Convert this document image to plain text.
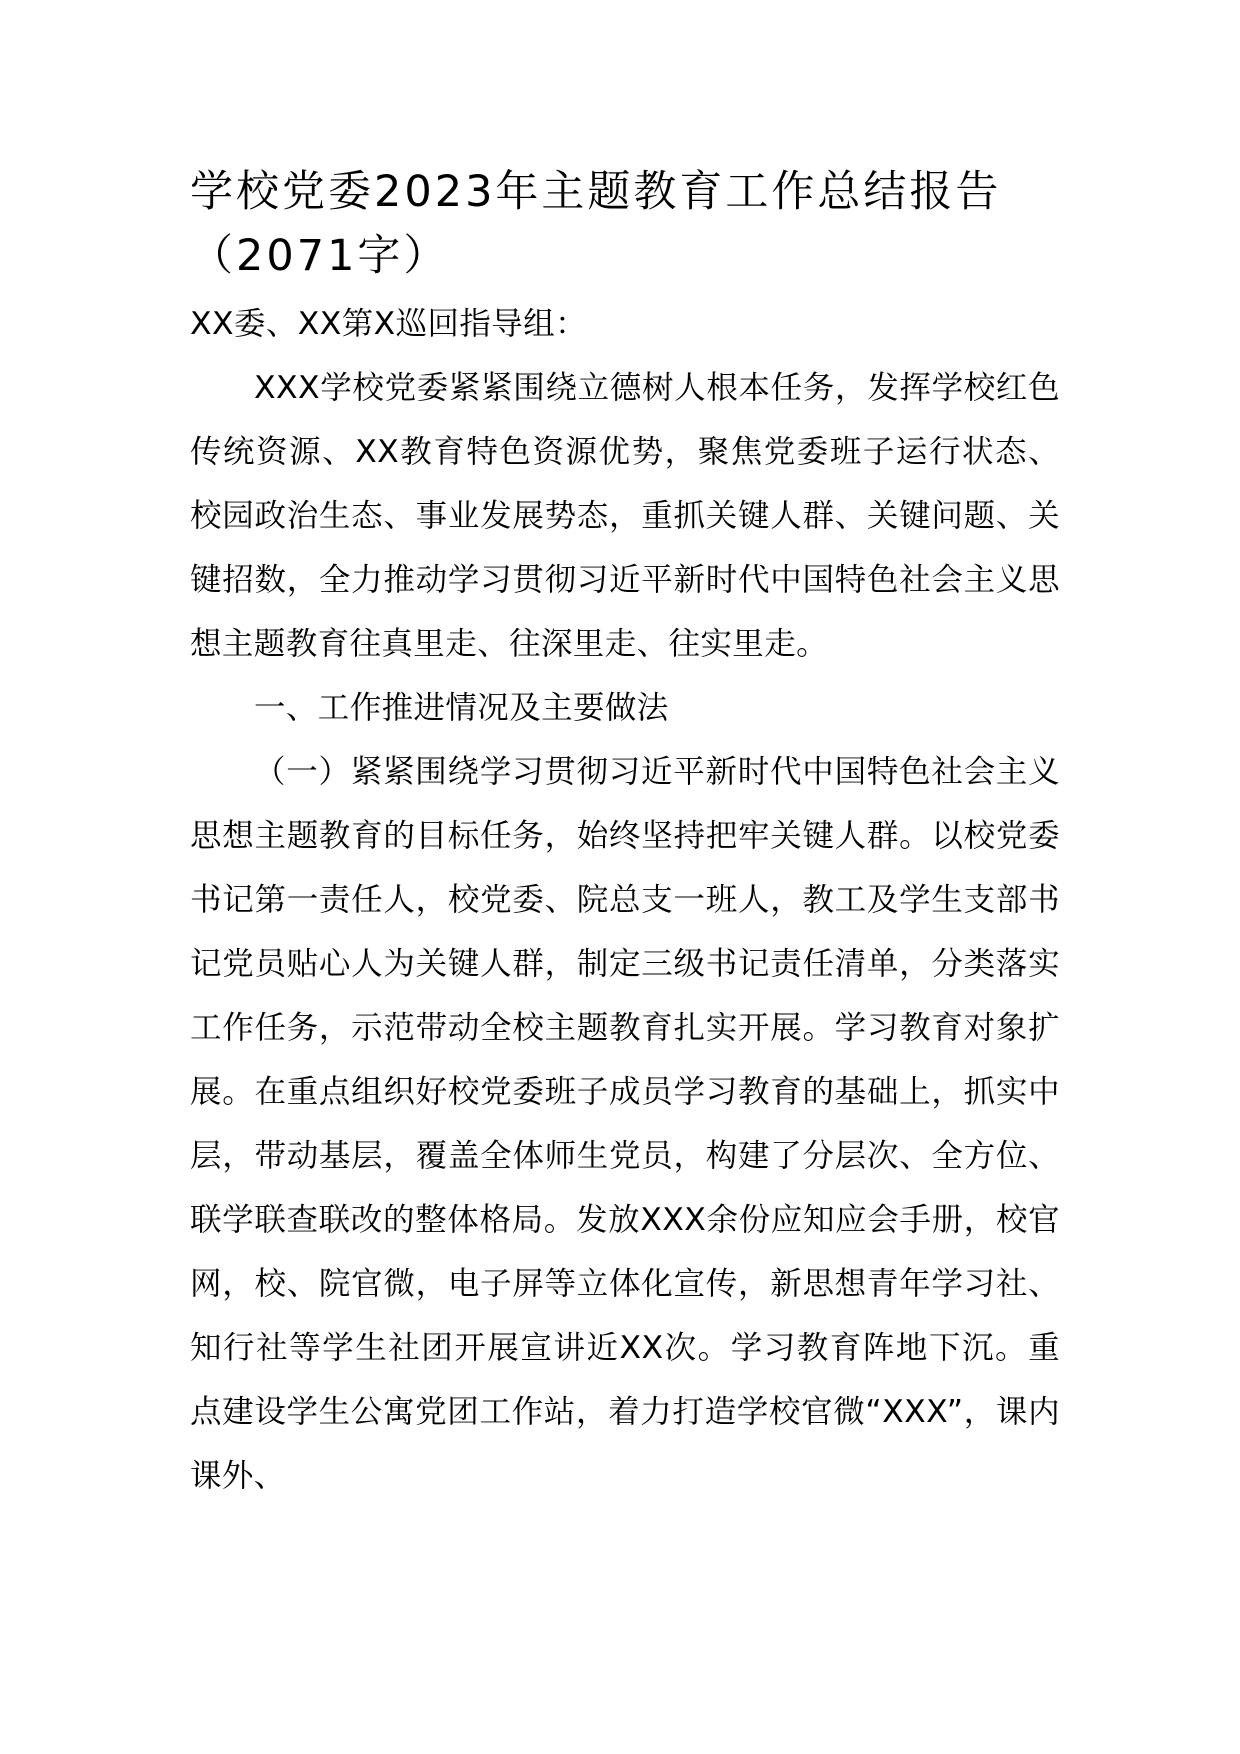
学校党委2023年主题教育工作总结报告
（2071字）

XX委、XX第X巡回指导组：

XXX学校党委紧紧围绕立德树人根本任务，发挥学校红色传统资源、XX教育特色资源优势，聚焦党委班子运行状态、校园政治生态、事业发展势态，重抓关键人群、关键问题、关键招数，全力推动学习贯彻习近平新时代中国特色社会主义思想主题教育往真里走、往深里走、往实里走。

一、工作推进情况及主要做法

（一）紧紧围绕学习贯彻习近平新时代中国特色社会主义思想主题教育的目标任务，始终坚持把牢关键人群。以校党委书记第一责任人，校党委、院总支一班人，教工及学生支部书记党员贴心人为关键人群，制定三级书记责任清单，分类落实工作任务，示范带动全校主题教育扎实开展。学习教育对象扩展。在重点组织好校党委班子成员学习教育的基础上，抓实中层，带动基层，覆盖全体师生党员，构建了分层次、全方位、联学联查联改的整体格局。发放XXX余份应知应会手册，校官网，校、院官微，电子屏等立体化宣传，新思想青年学习社、知行社等学生社团开展宣讲近XX次。学习教育阵地下沉。重点建设学生公寓党团工作站，着力打造学校官微“XXX”，课内课外、
